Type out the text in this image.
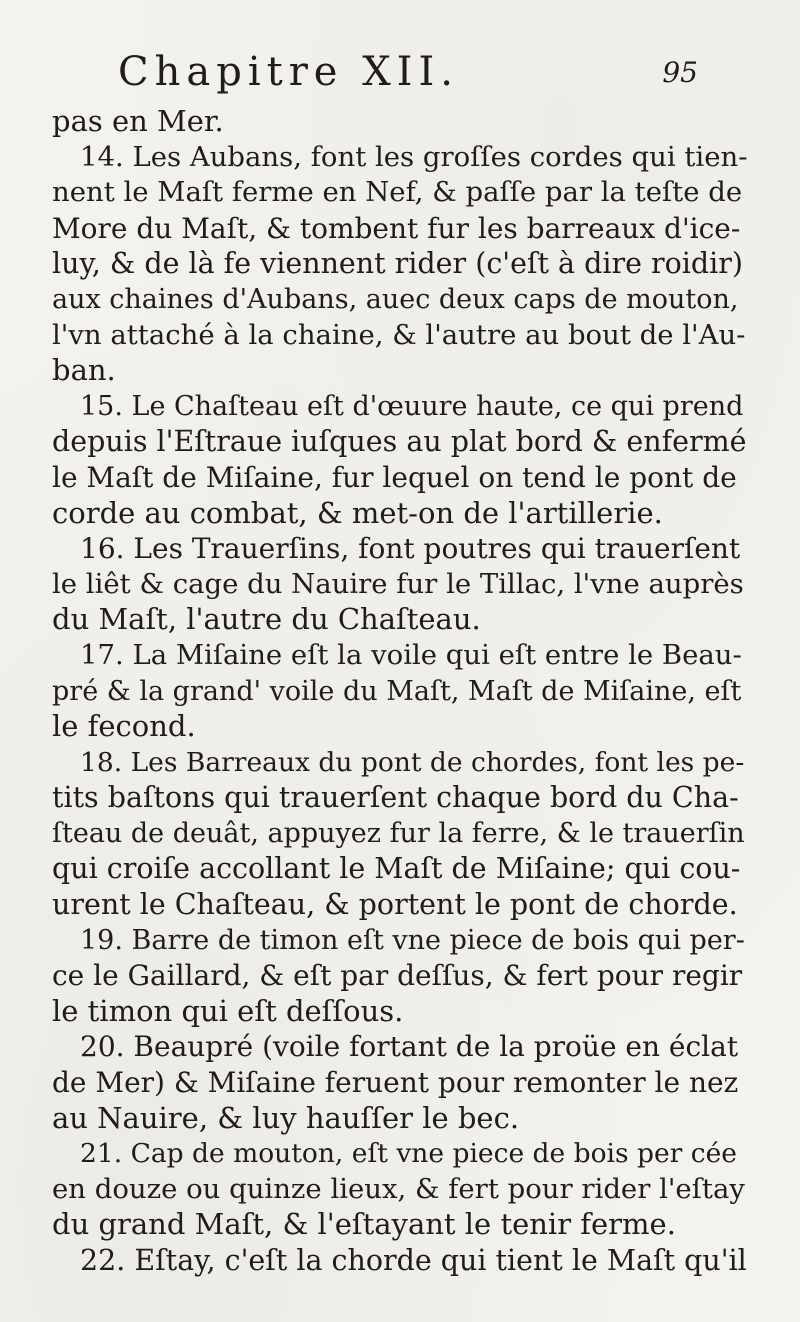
Chapitre XII.	95
pas en Mer.
14. Les Aubans, font les groſſes cordes qui tien-
nent le Maſt ferme en Nef, & paſſe par la teſte de
More du Maſt, & tombent fur les barreaux d'ice-
luy, & de là fe viennent rider (c'eſt à dire roidir)
aux chaines d'Aubans, auec deux caps de mouton,
l'vn attaché à la chaine, & l'autre au bout de l'Au-
ban.
15. Le Chaſteau eſt d'œuure haute, ce qui prend
depuis l'Eſtraue iuſques au plat bord & enfermé
le Maſt de Miſaine, fur lequel on tend le pont de
corde au combat, & met-on de l'artillerie.
16. Les Trauerſins, font poutres qui trauerſent
le liêt & cage du Nauire fur le Tillac, l'vne auprès
du Maſt, l'autre du Chaſteau.
17. La Miſaine eſt la voile qui eſt entre le Beau-
pré & la grand' voile du Maſt, Maſt de Miſaine, eſt
le fecond.
18. Les Barreaux du pont de chordes, font les pe-
tits baſtons qui trauerſent chaque bord du Cha-
ſteau de deuât, appuyez fur la ferre, & le trauerſin
qui croiſe accollant le Maſt de Miſaine; qui cou-
urent le Chaſteau, & portent le pont de chorde.
19. Barre de timon eſt vne piece de bois qui per-
ce le Gaillard, & eſt par deſſus, & fert pour regir
le timon qui eſt deſſous.
20. Beaupré (voile fortant de la proüe en éclat
de Mer) & Miſaine feruent pour remonter le nez
au Nauire, & luy hauſſer le bec.
21. Cap de mouton, eſt vne piece de bois per cée
en douze ou quinze lieux, & fert pour rider l'eſtay
du grand Maſt, & l'eſtayant le tenir ferme.
22. Eſtay, c'eſt la chorde qui tient le Maſt qu'il
